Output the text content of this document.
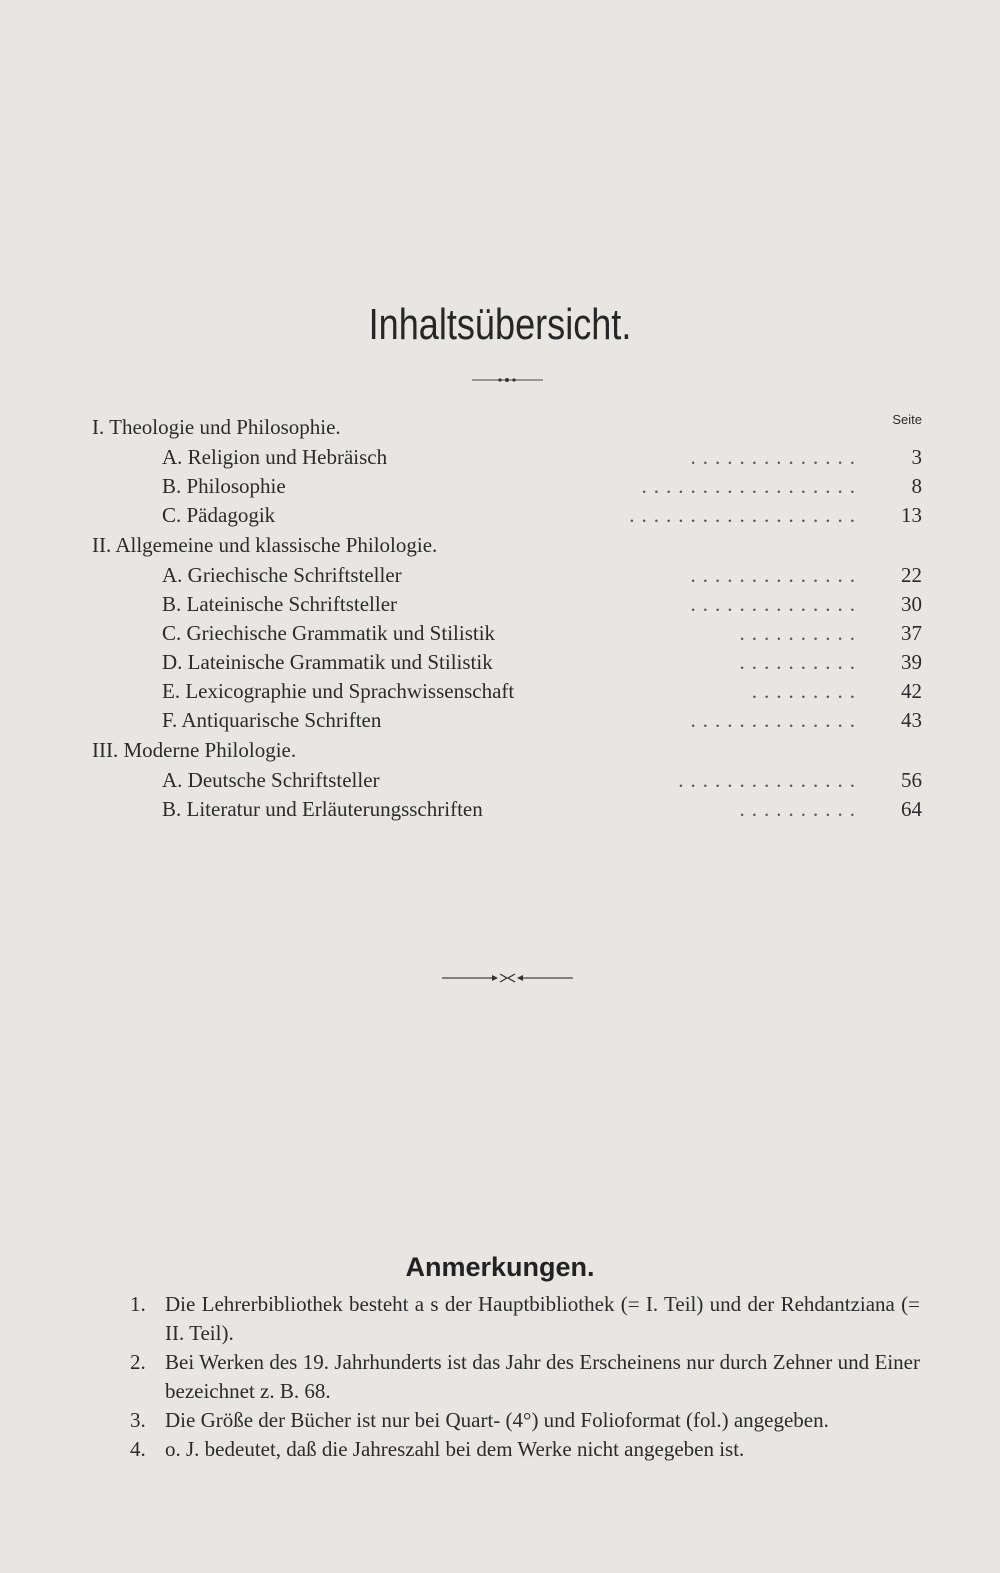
Inhaltsübersicht.
Seite
I. Theologie und Philosophie.
A. Religion und Hebräisch	..............	3
B. Philosophie	..................	8
C. Pädagogik	...................	13
II. Allgemeine und klassische Philologie.
A. Griechische Schriftsteller	..............	22
B. Lateinische Schriftsteller	..............	30
C. Griechische Grammatik und Stilistik	..........	37
D. Lateinische Grammatik und Stilistik	..........	39
E. Lexicographie und Sprachwissenschaft	.........	42
F. Antiquarische Schriften	..............	43
III. Moderne Philologie.
A. Deutsche Schriftsteller	...............	56
B. Literatur und Erläuterungsschriften	..........	64
Anmerkungen.
1. Die Lehrerbibliothek besteht a s der Hauptbibliothek (= I. Teil) und der Rehdantziana (= II. Teil).
2. Bei Werken des 19. Jahrhunderts ist das Jahr des Erscheinens nur durch Zehner und Einer bezeichnet z. B. 68.
3. Die Größe der Bücher ist nur bei Quart- (4°) und Folioformat (fol.) angegeben.
4. o. J. bedeutet, daß die Jahreszahl bei dem Werke nicht angegeben ist.
